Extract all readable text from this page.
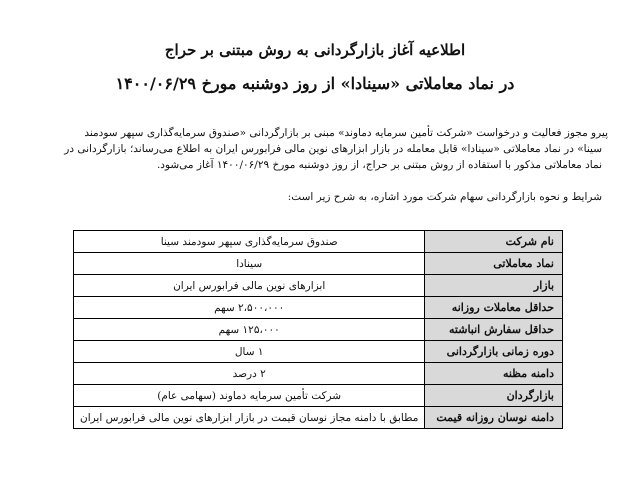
اطلاعیه آغاز بازارگردانی به روش مبتنی بر حراج
در نماد معاملاتی «سینادا» از روز دوشنبه مورخ ۱۴۰۰/۰۶/۲۹
پیرو مجوز فعالیت و درخواست «شرکت تأمین سرمایه دماوند» مبنی بر بازارگردانی «صندوق سرمایه‌گذاری سپهر سودمند
سینا» در نماد معاملاتی «سینادا» قابل معامله در بازار ابزارهای نوین مالی فرابورس ایران به اطلاع می‌رساند؛ بازارگردانی در
نماد معاملاتی مذکور با استفاده از روش مبتنی بر حراج، از روز دوشنبه مورخ ۱۴۰۰/۰۶/۲۹ آغاز می‌شود.
شرایط و نحوه بازارگردانی سهام شرکت مورد اشاره، به شرح زیر است:
نام شرکت	صندوق سرمایه‌گذاری سپهر سودمند سینا
نماد معاملاتی	سینادا
بازار	ابزارهای نوین مالی فرابورس ایران
حداقل معاملات روزانه	۲،۵۰۰،۰۰۰ سهم
حداقل سفارش انباشته	۱۲۵،۰۰۰ سهم
دوره زمانی بازارگردانی	۱ سال
دامنه مظنه	۲ درصد
بازارگردان	شرکت تأمین سرمایه دماوند (سهامی عام)
دامنه نوسان روزانه قیمت	مطابق با دامنه مجاز نوسان قیمت در بازار ابزارهای نوین مالی فرابورس ایران
